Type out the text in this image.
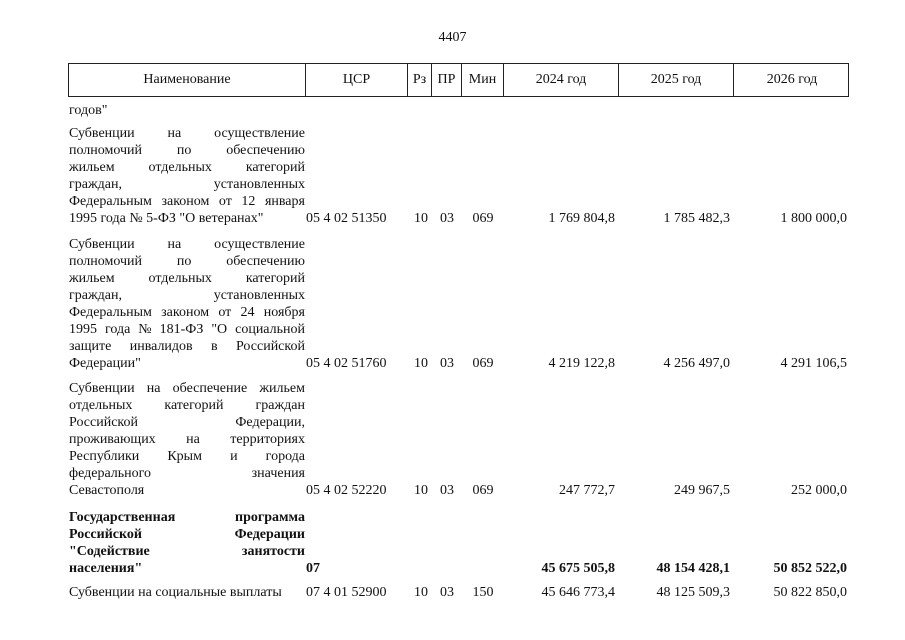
4407
Наименование	ЦСР	Рз ПР Мин	2024 год	2025 год	2026 год
годов"
Субвенции на осуществление
полномочий по обеспечению
жильем отдельных категорий
граждан,	установленных
Федеральным законом от 12 января
1995 года № 5-ФЗ "О ветеранах"	05 4 02 51350	10 03	069	1 769 804,8	1 785 482,3	1 800 000,0
Субвенции на осуществление
полномочий по обеспечению
жильем отдельных категорий
граждан,	установленных
Федеральным законом от 24 ноября
1995 года № 181-ФЗ "О социальной
защите инвалидов в Российской
Федерации"	05 4 02 51760	10 03	069	4 219 122,8	4 256 497,0	4 291 106,5
Субвенции на обеспечение жильем
отдельных категорий граждан
Российской	Федерации,
проживающих на территориях
Республики Крым и города
федерального	значения
Севастополя	05 4 02 52220	10 03	069	247 772,7	249 967,5	252 000,0
Государственная	программа
Российской	Федерации
"Содействие	занятости
населения"	07	45 675 505,8	48 154 428,1	50 852 522,0
Субвенции на социальные выплаты	07 4 01 52900	10 03	150	45 646 773,4	48 125 509,3	50 822 850,0
